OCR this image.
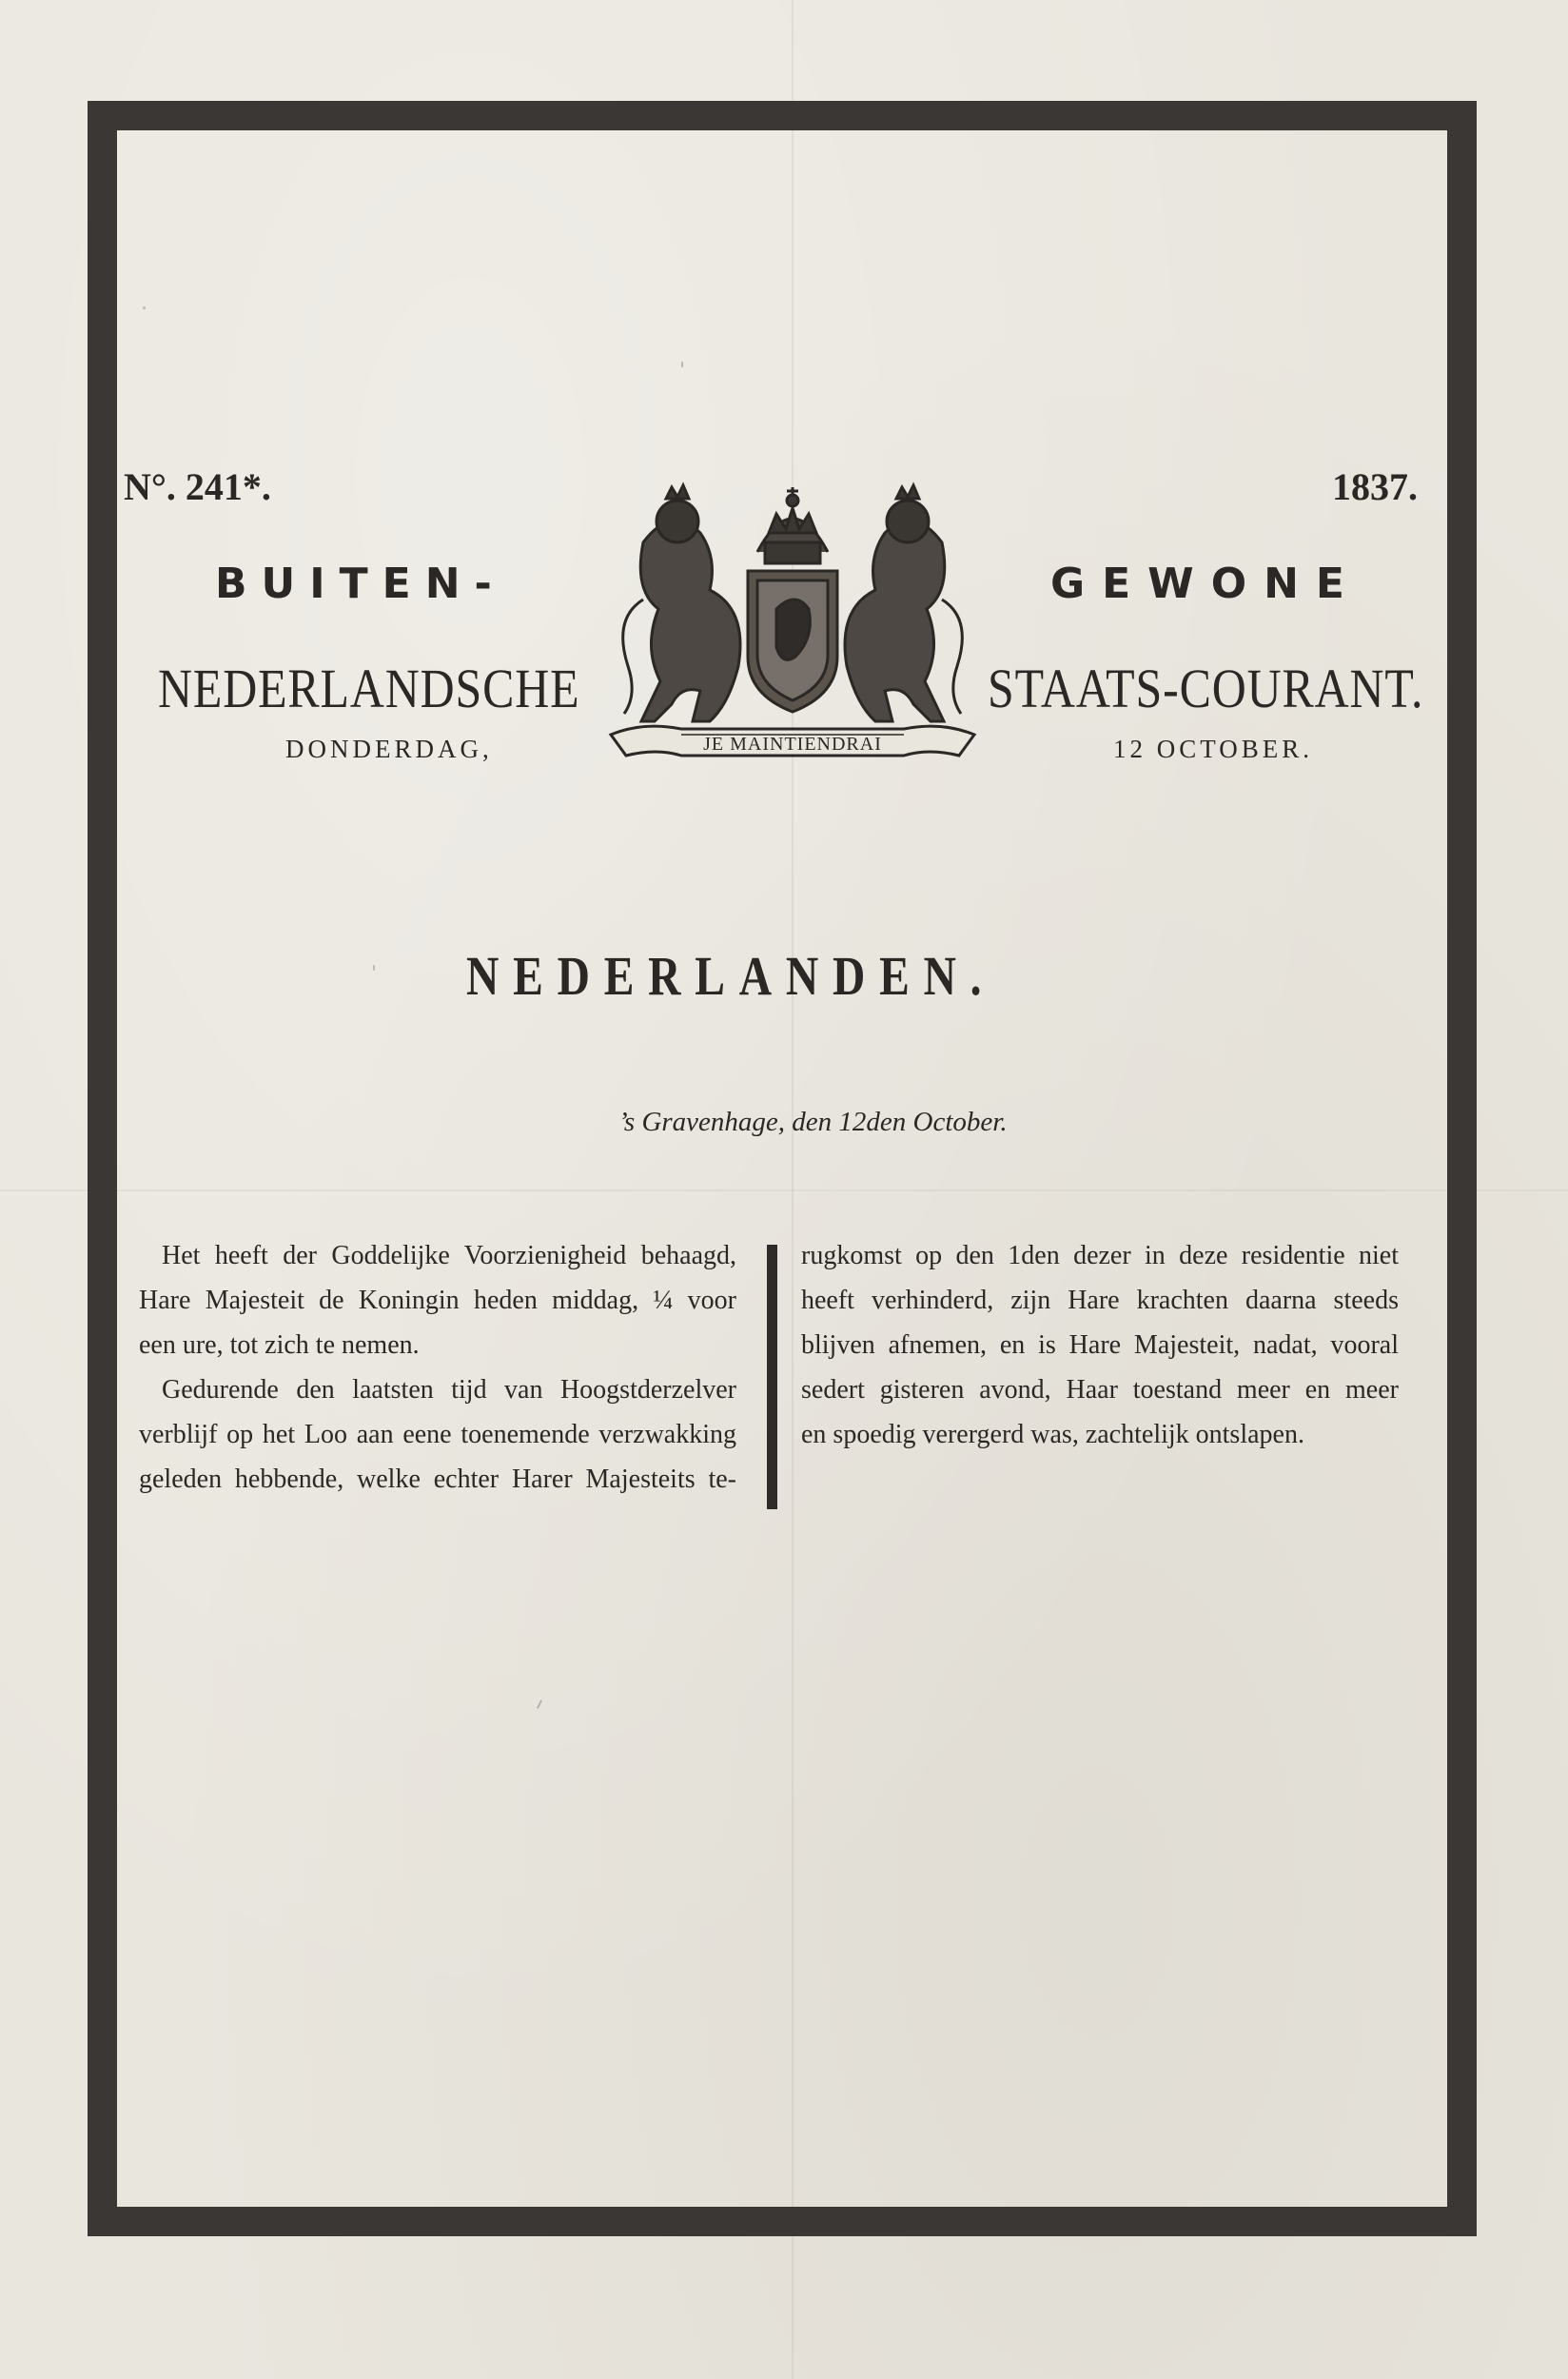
N°. 241*.	1837.
BUITEN-	GEWONE
NEDERLANDSCHE	STAATS-COURANT.
DONDERDAG,	12 OCTOBER.
JE MAINTIENDRAI
NEDERLANDEN.
’s Gravenhage, den 12den October.
Het heeft der Goddelijke Voorzienigheid behaagd,
Hare Majesteit de Koningin heden middag, ¼ voor
een ure, tot zich te nemen.
Gedurende den laatsten tijd van Hoogstderzelver
verblijf op het Loo aan eene toenemende verzwakking
geleden hebbende, welke echter Harer Majesteits te-
rugkomst op den 1den dezer in deze residentie niet
heeft verhinderd, zijn Hare krachten daarna steeds
blijven afnemen, en is Hare Majesteit, nadat, vooral
sedert gisteren avond, Haar toestand meer en meer
en spoedig verergerd was, zachtelijk ontslapen.
